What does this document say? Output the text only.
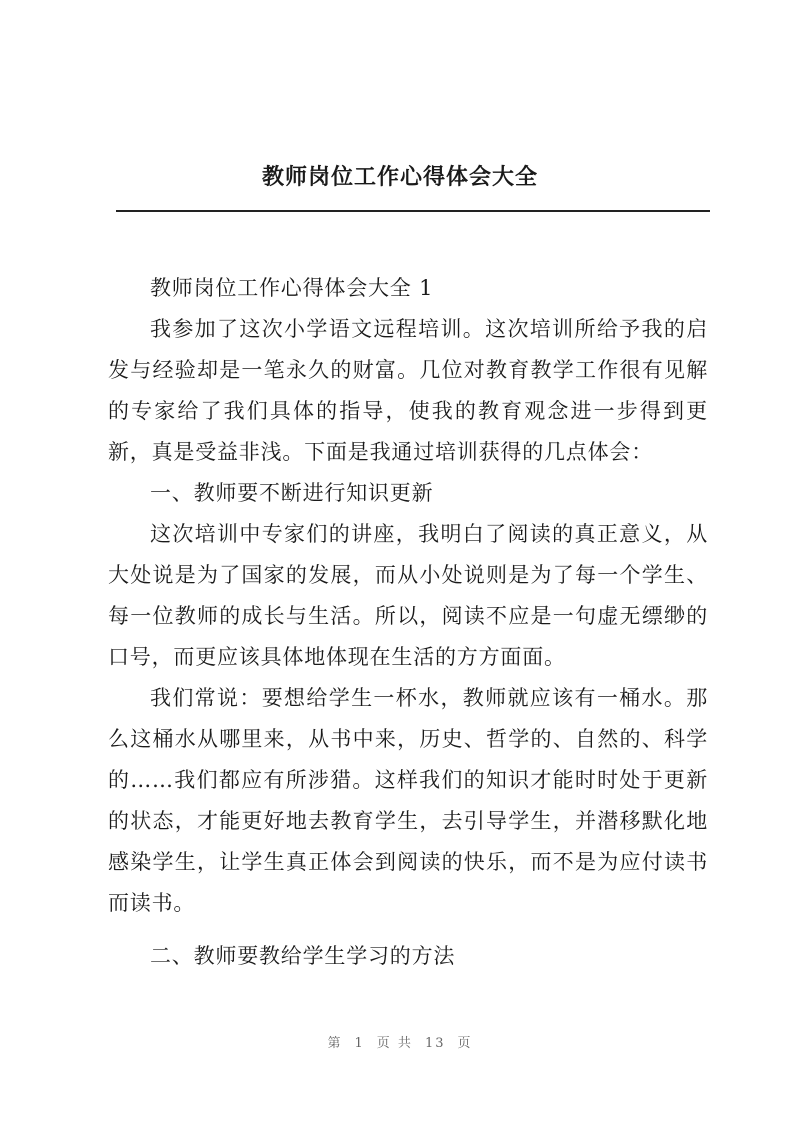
教师岗位工作心得体会大全

教师岗位工作心得体会大全 1

我参加了这次小学语文远程培训。这次培训所给予我的启发与经验却是一笔永久的财富。几位对教育教学工作很有见解的专家给了我们具体的指导，使我的教育观念进一步得到更新，真是受益非浅。下面是我通过培训获得的几点体会：

一、教师要不断进行知识更新

这次培训中专家们的讲座，我明白了阅读的真正意义，从大处说是为了国家的发展，而从小处说则是为了每一个学生、每一位教师的成长与生活。所以，阅读不应是一句虚无缥缈的口号，而更应该具体地体现在生活的方方面面。

我们常说：要想给学生一杯水，教师就应该有一桶水。那么这桶水从哪里来，从书中来，历史、哲学的、自然的、科学的……我们都应有所涉猎。这样我们的知识才能时时处于更新的状态，才能更好地去教育学生，去引导学生，并潜移默化地感染学生，让学生真正体会到阅读的快乐，而不是为应付读书而读书。

二、教师要教给学生学习的方法

第 1 页 共 13 页
